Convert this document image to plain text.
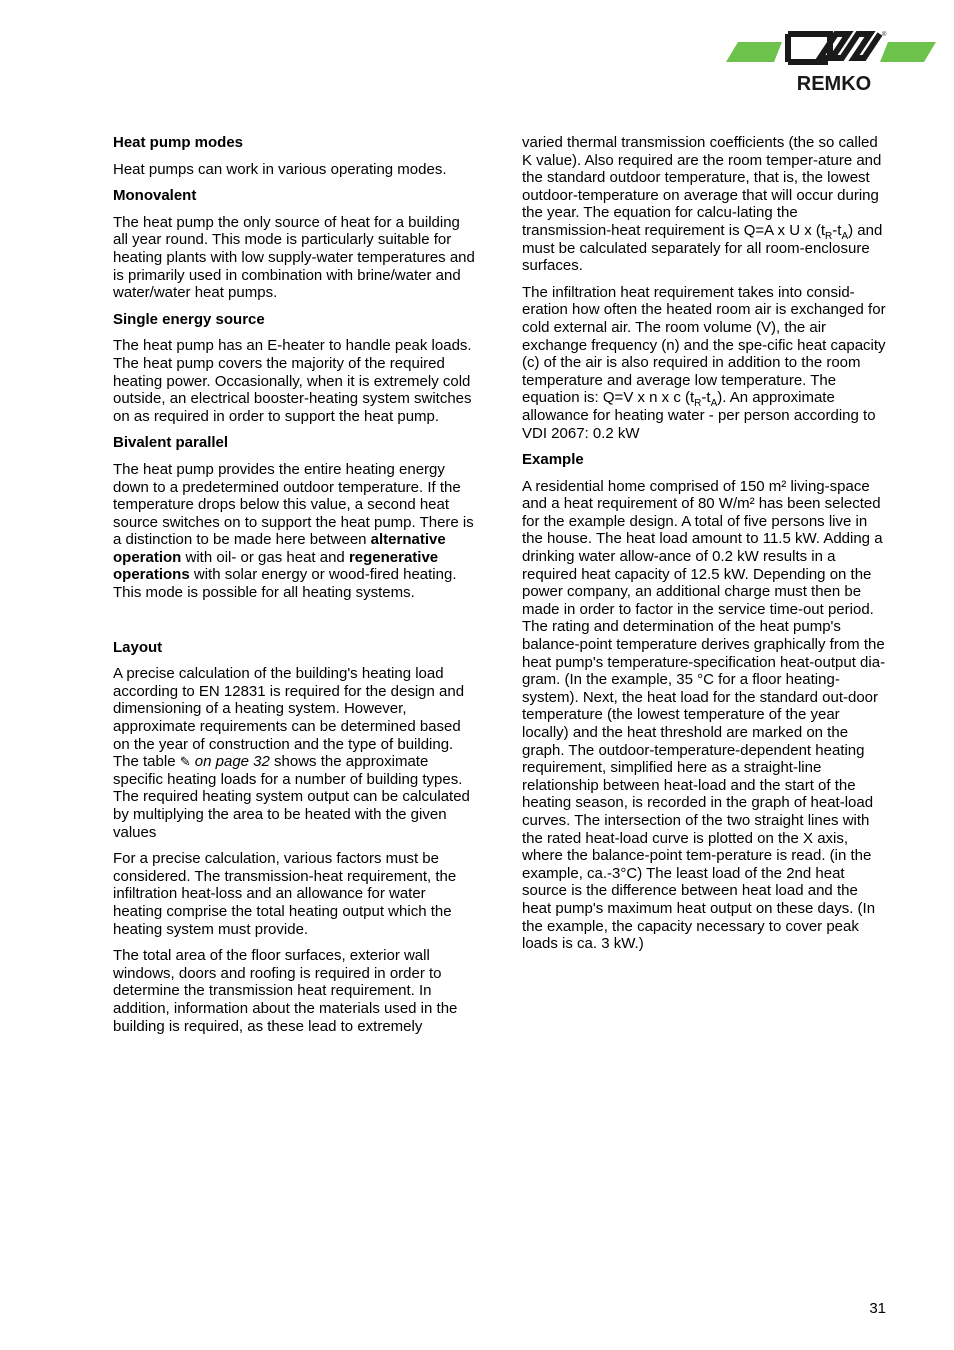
®
REMKO
Heat pump modes

Heat pumps can work in various operating modes.

Monovalent

The heat pump the only source of heat for a building all year round. This mode is particularly suitable for heating plants with low supply-water temperatures and is primarily used in combination with brine/water and water/water heat pumps.

Single energy source

The heat pump has an E-heater to handle peak loads. The heat pump covers the majority of the required heating power. Occasionally, when it is extremely cold outside, an electrical booster-heating system switches on as required in order to support the heat pump.

Bivalent parallel

The heat pump provides the entire heating energy down to a predetermined outdoor temperature. If the temperature drops below this value, a second heat source switches on to support the heat pump. There is a distinction to be made here between alternative operation with oil- or gas heat and regenerative operations with solar energy or wood-fired heating. This mode is possible for all heating systems.

Layout

A precise calculation of the building's heating load according to EN 12831 is required for the design and dimensioning of a heating system. However, approximate requirements can be determined based on the year of construction and the type of building. The table ✎ on page 32 shows the approximate specific heating loads for a number of building types. The required heating system output can be calculated by multiplying the area to be heated with the given values

For a precise calculation, various factors must be considered. The transmission-heat requirement, the infiltration heat-loss and an allowance for water heating comprise the total heating output which the heating system must provide.

The total area of the floor surfaces, exterior wall windows, doors and roofing is required in order to determine the transmission heat requirement. In addition, information about the materials used in the building is required, as these lead to extremely

varied thermal transmission coefficients (the so called K value). Also required are the room temper-ature and the standard outdoor temperature, that is, the lowest outdoor-temperature on average that will occur during the year. The equation for calcu-lating the transmission-heat requirement is Q=A x U x $(t_R-t_A)$ and must be calculated separately for all room-enclosure surfaces.

The infiltration heat requirement takes into consid-eration how often the heated room air is exchanged for cold external air. The room volume (V), the air exchange frequency (n) and the spe-cific heat capacity (c) of the air is also required in addition to the room temperature and average low temperature. The equation is: Q=V x n x c $(t_R-t_A)$. An approximate allowance for heating water - per person according to VDI 2067: 0.2 kW

Example

A residential home comprised of 150 m² living-space and a heat requirement of 80 W/m² has been selected for the example design. A total of five persons live in the house. The heat load amount to 11.5 kW. Adding a drinking water allow-ance of 0.2 kW results in a required heat capacity of 12.5 kW. Depending on the power company, an additional charge must then be made in order to factor in the service time-out period. The rating and determination of the heat pump's balance-point temperature derives graphically from the heat pump's temperature-specification heat-output dia-gram. (In the example, 35 °C for a floor heating-system). Next, the heat load for the standard out-door temperature (the lowest temperature of the year locally) and the heat threshold are marked on the graph. The outdoor-temperature-dependent heating requirement, simplified here as a straight-line relationship between heat-load and the start of the heating season, is recorded in the graph of heat-load curves. The intersection of the two straight lines with the rated heat-load curve is plotted on the X axis, where the balance-point tem-perature is read. (in the example, ca.-3°C) The least load of the 2nd heat source is the difference between heat load and the heat pump's maximum heat output on these days. (In the example, the capacity necessary to cover peak loads is ca. 3 kW.)

31
